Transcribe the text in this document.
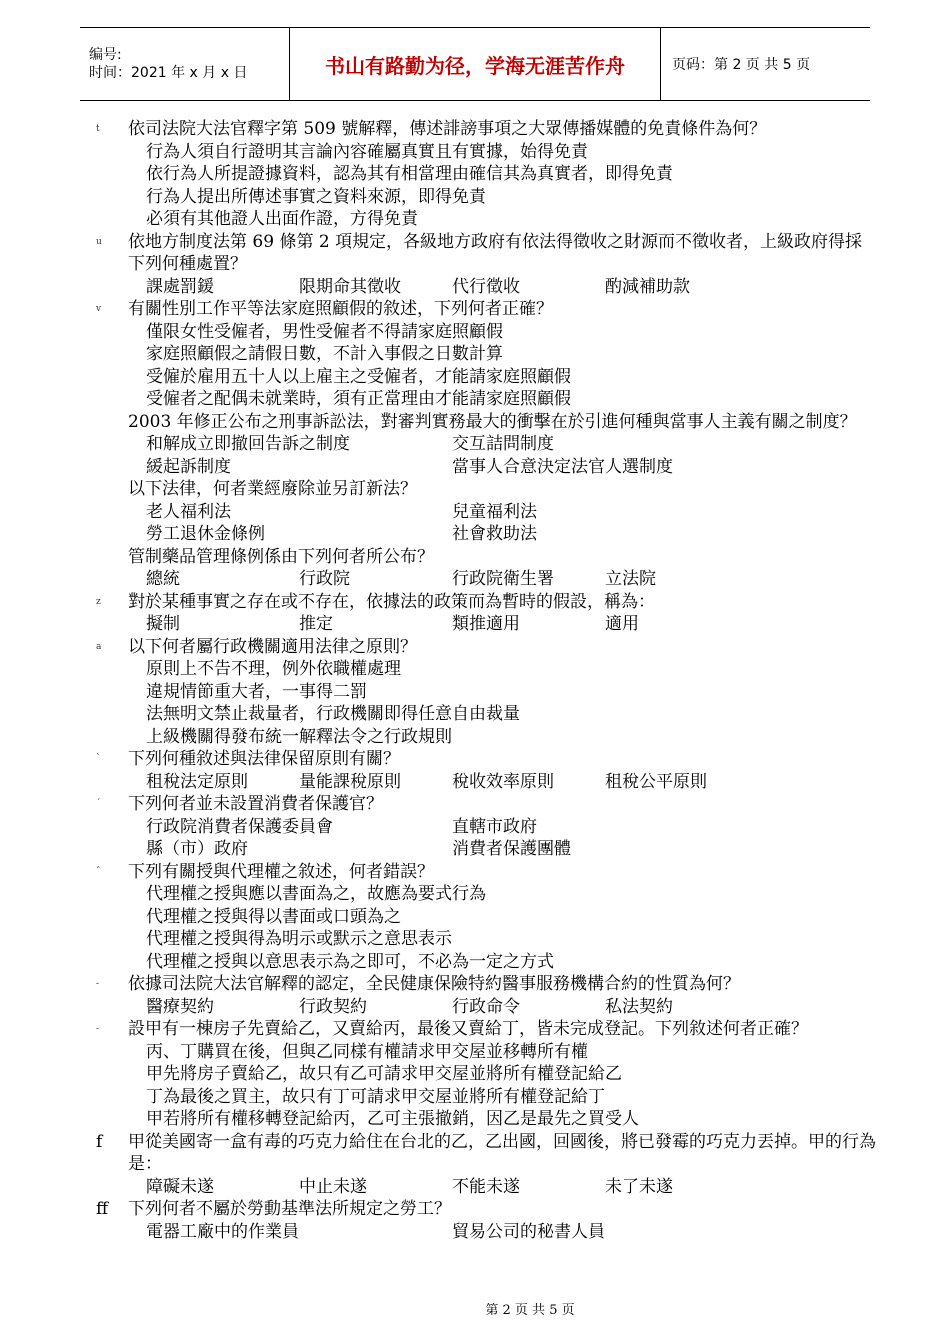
编号:
时间：2021 年 x 月 x 日	书山有路勤为径，学海无涯苦作舟	页码：第 2 页 共 5 页
t	依司法院大法官釋字第 509 號解釋，傳述誹謗事項之大眾傳播媒體的免責條件為何？
行為人須自行證明其言論內容確屬真實且有實據，始得免責
依行為人所提證據資料，認為其有相當理由確信其為真實者，即得免責
行為人提出所傳述事實之資料來源，即得免責
必須有其他證人出面作證，方得免責
u	依地方制度法第 69 條第 2 項規定，各級地方政府有依法得徵收之財源而不徵收者，上級政府得採下列何種處置？
課處罰鍰	限期命其徵收	代行徵收	酌減補助款
v	有關性別工作平等法家庭照顧假的敘述，下列何者正確？
僅限女性受僱者，男性受僱者不得請家庭照顧假
家庭照顧假之請假日數，不計入事假之日數計算
受僱於雇用五十人以上雇主之受僱者，才能請家庭照顧假
受僱者之配偶未就業時，須有正當理由才能請家庭照顧假
2003 年修正公布之刑事訴訟法，對審判實務最大的衝擊在於引進何種與當事人主義有關之制度？
和解成立即撤回告訴之制度	交互詰問制度
緩起訴制度	當事人合意決定法官人選制度
以下法律，何者業經廢除並另訂新法？
老人福利法	兒童福利法
勞工退休金條例	社會救助法
管制藥品管理條例係由下列何者所公布？
總統	行政院	行政院衛生署	立法院
z	對於某種事實之存在或不存在，依據法的政策而為暫時的假設，稱為：
擬制	推定	類推適用	適用
a	以下何者屬行政機關適用法律之原則？
原則上不告不理，例外依職權處理
違規情節重大者，一事得二罰
法無明文禁止裁量者，行政機關即得任意自由裁量
上級機關得發布統一解釋法令之行政規則
`	下列何種敘述與法律保留原則有關？
租稅法定原則	量能課稅原則	稅收效率原則	租稅公平原則
´	下列何者並未設置消費者保護官？
行政院消費者保護委員會	直轄市政府
縣（市）政府	消費者保護團體
ˆ	下列有關授與代理權之敘述，何者錯誤？
代理權之授與應以書面為之，故應為要式行為
代理權之授與得以書面或口頭為之
代理權之授與得為明示或默示之意思表示
代理權之授與以意思表示為之即可，不必為一定之方式
-	依據司法院大法官解釋的認定，全民健康保險特約醫事服務機構合約的性質為何？
醫療契約	行政契約	行政命令	私法契約
-	設甲有一棟房子先賣給乙，又賣給丙，最後又賣給丁，皆未完成登記。下列敘述何者正確？
丙、丁購買在後，但與乙同樣有權請求甲交屋並移轉所有權
甲先將房子賣給乙，故只有乙可請求甲交屋並將所有權登記給乙
丁為最後之買主，故只有丁可請求甲交屋並將所有權登記給丁
甲若將所有權移轉登記給丙，乙可主張撤銷，因乙是最先之買受人
f	甲從美國寄一盒有毒的巧克力給住在台北的乙，乙出國，回國後，將已發霉的巧克力丟掉。甲的行為是：
障礙未遂	中止未遂	不能未遂	未了未遂
ff	下列何者不屬於勞動基準法所規定之勞工？
電器工廠中的作業員	貿易公司的秘書人員
第 2 页 共 5 页
